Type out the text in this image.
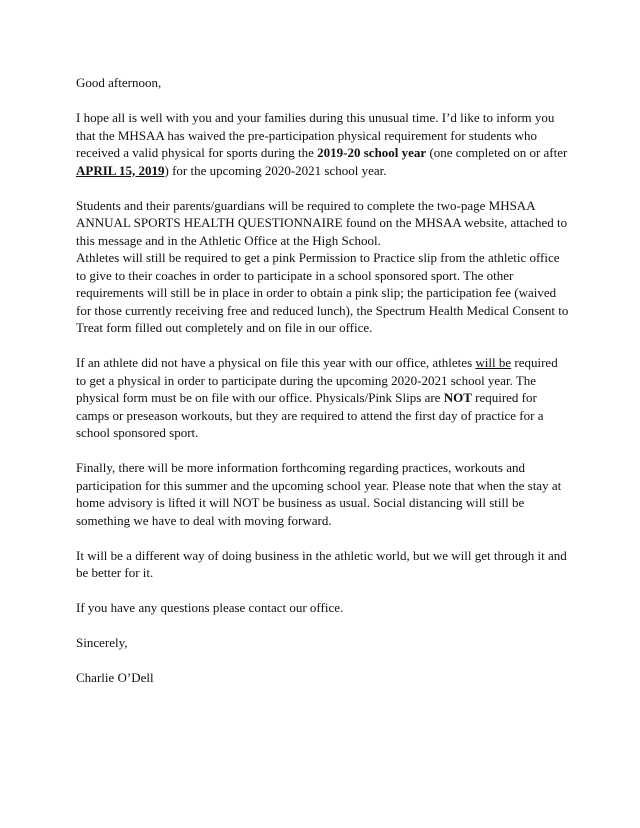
Good afternoon,

I hope all is well with you and your families during this unusual time. I’d like to inform you that the MHSAA has waived the pre-participation physical requirement for students who received a valid physical for sports during the 2019-20 school year (one completed on or after APRIL 15, 2019) for the upcoming 2020-2021 school year.

Students and their parents/guardians will be required to complete the two-page MHSAA ANNUAL SPORTS HEALTH QUESTIONNAIRE found on the MHSAA website, attached to this message and in the Athletic Office at the High School.

Athletes will still be required to get a pink Permission to Practice slip from the athletic office to give to their coaches in order to participate in a school sponsored sport. The other requirements will still be in place in order to obtain a pink slip; the participation fee (waived for those currently receiving free and reduced lunch), the Spectrum Health Medical Consent to Treat form filled out completely and on file in our office.

If an athlete did not have a physical on file this year with our office, athletes will be required to get a physical in order to participate during the upcoming 2020-2021 school year. The physical form must be on file with our office. Physicals/Pink Slips are NOT required for camps or preseason workouts, but they are required to attend the first day of practice for a school sponsored sport.

Finally, there will be more information forthcoming regarding practices, workouts and participation for this summer and the upcoming school year. Please note that when the stay at home advisory is lifted it will NOT be business as usual. Social distancing will still be something we have to deal with moving forward.

It will be a different way of doing business in the athletic world, but we will get through it and be better for it.

If you have any questions please contact our office.

Sincerely,

Charlie O’Dell
